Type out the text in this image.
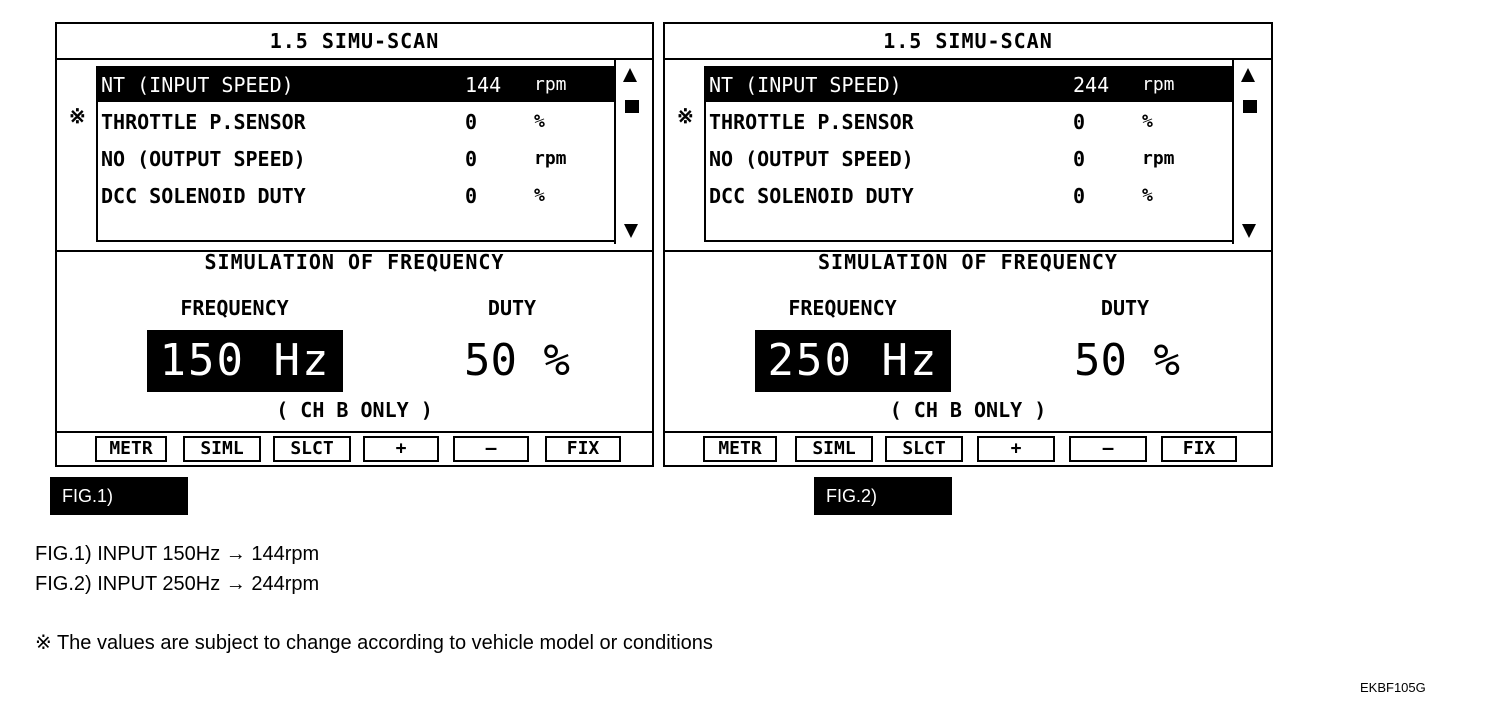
1.5 SIMU-SCAN
※
NT (INPUT SPEED)	144 rpm
THROTTLE P.SENSOR	0	%
NO (OUTPUT SPEED)	0	rpm
DCC SOLENOID DUTY	0	%
SIMULATION OF FREQUENCY
FREQUENCY	DUTY
150 Hz	50 %
( CH B ONLY )
METR	SIML	SLCT	+	—	FIX
1.5 SIMU-SCAN
※
NT (INPUT SPEED)	244 rpm
THROTTLE P.SENSOR	0	%
NO (OUTPUT SPEED)	0	rpm
DCC SOLENOID DUTY	0	%
SIMULATION OF FREQUENCY
FREQUENCY	DUTY
250 Hz	50 %
( CH B ONLY )
METR	SIML	SLCT	+	—	FIX
FIG.1)	FIG.2)
FIG.1) INPUT 150Hz → 144rpm
FIG.2) INPUT 250Hz → 244rpm
※ The values are subject to change according to vehicle model or conditions
EKBF105G
